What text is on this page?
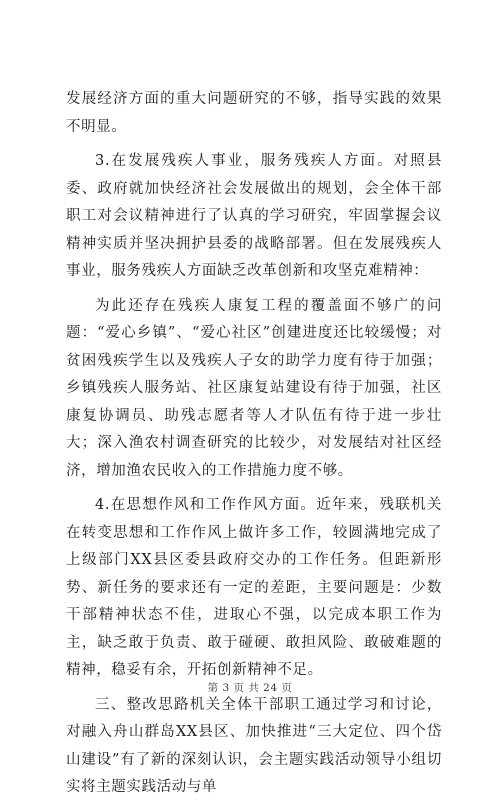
发展经济方面的重大问题研究的不够，指导实践的效果不明显。

3.在发展残疾人事业，服务残疾人方面。对照县委、政府就加快经济社会发展做出的规划，会全体干部职工对会议精神进行了认真的学习研究，牢固掌握会议精神实质并坚决拥护县委的战略部署。但在发展残疾人事业，服务残疾人方面缺乏改革创新和攻坚克难精神：

为此还存在残疾人康复工程的覆盖面不够广的问题：“爱心乡镇”、“爱心社区”创建进度还比较缓慢；对贫困残疾学生以及残疾人子女的助学力度有待于加强；乡镇残疾人服务站、社区康复站建设有待于加强，社区康复协调员、助残志愿者等人才队伍有待于进一步壮大；深入渔农村调查研究的比较少，对发展结对社区经济，增加渔农民收入的工作措施力度不够。

4.在思想作风和工作作风方面。近年来，残联机关在转变思想和工作作风上做许多工作，较圆满地完成了上级部门XX县区委县政府交办的工作任务。但距新形势、新任务的要求还有一定的差距，主要问题是：少数干部精神状态不佳，进取心不强，以完成本职工作为主，缺乏敢于负责、敢于碰硬、敢担风险、敢破难题的精神，稳妥有余，开拓创新精神不足。

三、整改思路机关全体干部职工通过学习和讨论，对融入舟山群岛XX县区、加快推进“三大定位、四个岱山建设”有了新的深刻认识，会主题实践活动领导小组切实将主题实践活动与单

第 3 页 共 24 页
